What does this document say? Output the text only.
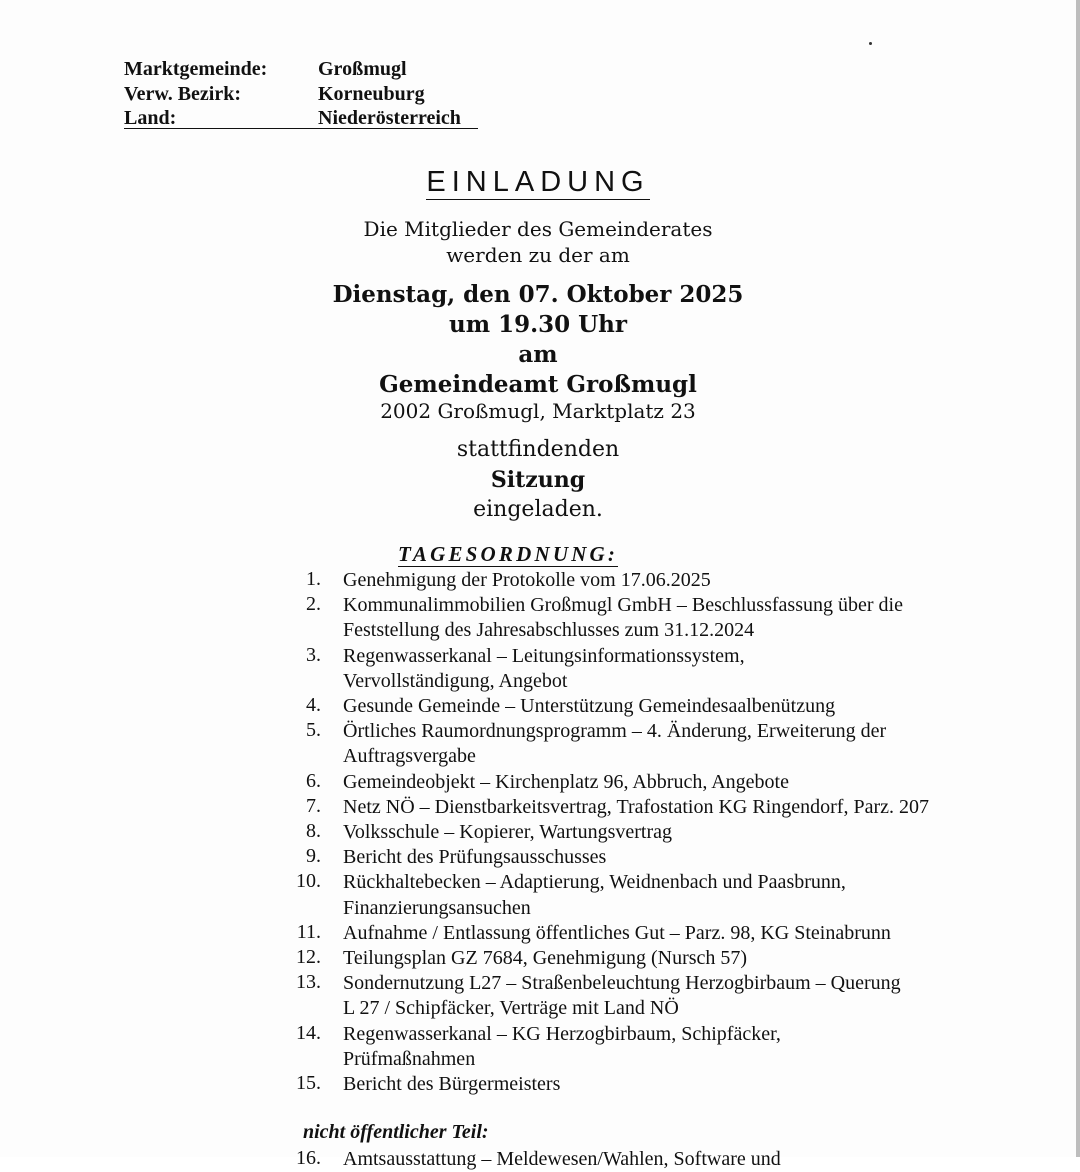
Marktgemeinde:	Großmugl
Verw. Bezirk:	Korneuburg
Land:	Niederösterreich
EINLADUNG
Die Mitglieder des Gemeinderates
werden zu der am
Dienstag, den 07. Oktober 2025
um 19.30 Uhr
am
Gemeindeamt Großmugl
2002 Großmugl, Marktplatz 23
stattfindenden
Sitzung
eingeladen.
TAGESORDNUNG:
1. Genehmigung der Protokolle vom 17.06.2025
2. Kommunalimmobilien Großmugl GmbH – Beschlussfassung über die Feststellung des Jahresabschlusses zum 31.12.2024
3. Regenwasserkanal – Leitungsinformationssystem, Vervollständigung, Angebot
4. Gesunde Gemeinde – Unterstützung Gemeindesaalbenützung
5. Örtliches Raumordnungsprogramm – 4. Änderung, Erweiterung der Auftragsvergabe
6. Gemeindeobjekt – Kirchenplatz 96, Abbruch, Angebote
7. Netz NÖ – Dienstbarkeitsvertrag, Trafostation KG Ringendorf, Parz. 207
8. Volksschule – Kopierer, Wartungsvertrag
9. Bericht des Prüfungsausschusses
10. Rückhaltebecken – Adaptierung, Weidnenbach und Paasbrunn, Finanzierungsansuchen
11. Aufnahme / Entlassung öffentliches Gut – Parz. 98, KG Steinabrunn
12. Teilungsplan GZ 7684, Genehmigung (Nursch 57)
13. Sondernutzung L27 – Straßenbeleuchtung Herzogbirbaum – Querung L 27 / Schipfäcker, Verträge mit Land NÖ
14. Regenwasserkanal – KG Herzogbirbaum, Schipfäcker, Prüfmaßnahmen
15. Bericht des Bürgermeisters
nicht öffentlicher Teil:
16. Amtsausstattung – Meldewesen/Wahlen, Software und
